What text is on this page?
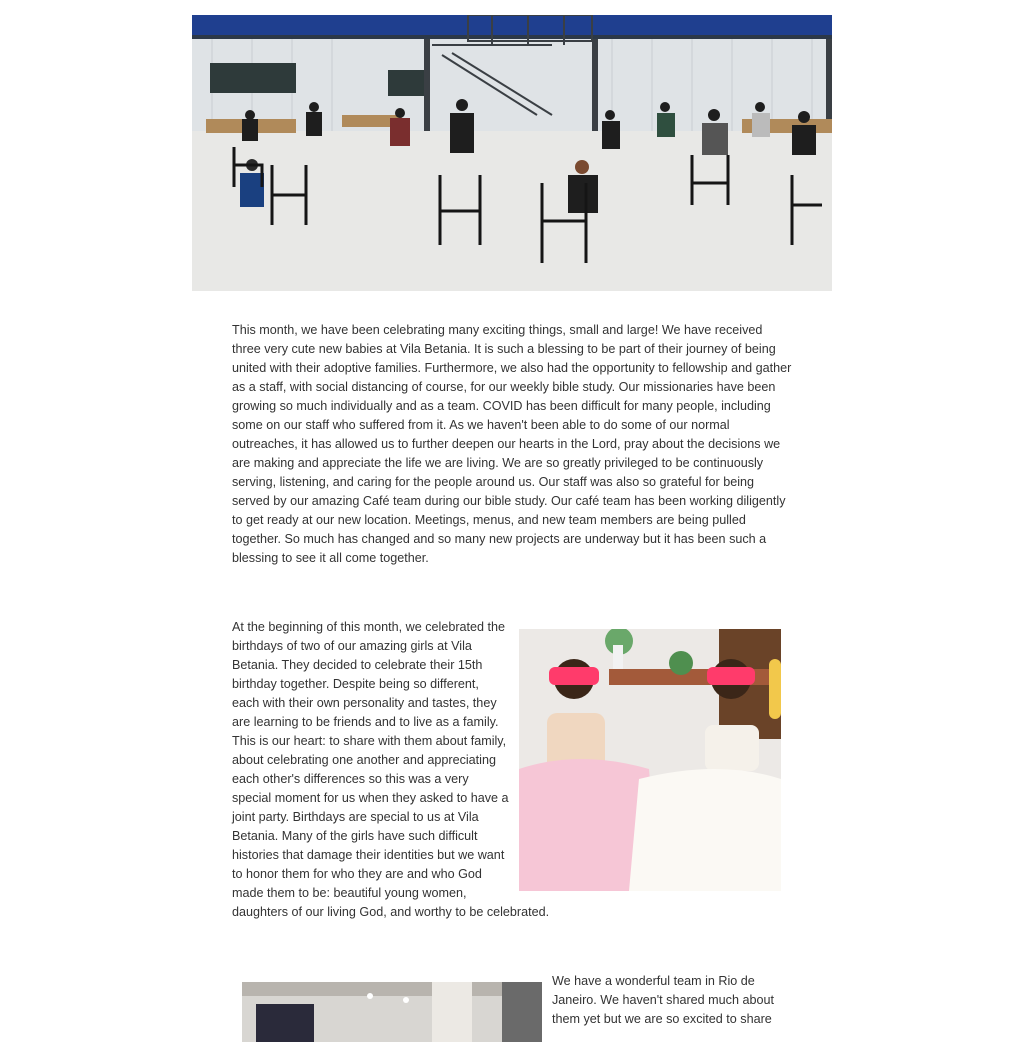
This month, we have been celebrating many exciting things, small and large! We have received three very cute new babies at Vila Betania. It is such a blessing to be part of their journey of being united with their adoptive families. Furthermore, we also had the opportunity to fellowship and gather as a staff, with social distancing of course, for our weekly bible study. Our missionaries have been growing so much individually and as a team. COVID has been difficult for many people, including some on our staff who suffered from it. As we haven't been able to do some of our normal outreaches, it has allowed us to further deepen our hearts in the Lord, pray about the decisions we are making and appreciate the life we are living. We are so greatly privileged to be continuously serving, listening, and caring for the people around us. Our staff was also so grateful for being served by our amazing Café team during our bible study. Our café team has been working diligently to get ready at our new location. Meetings, menus, and new team members are being pulled together. So much has changed and so many new projects are underway but it has been such a blessing to see it all come together.

At the beginning of this month, we celebrated the birthdays of two of our amazing girls at Vila Betania. They decided to celebrate their 15th birthday together. Despite being so different, each with their own personality and tastes, they are learning to be friends and to live as a family. This is our heart: to share with them about family, about celebrating one another and appreciating each other's differences so this was a very special moment for us when they asked to have a joint party. Birthdays are special to us at Vila Betania. Many of the girls have such difficult histories that damage their identities but we want to honor them for who they are and who God made them to be: beautiful young women, daughters of our living God, and worthy to be celebrated.

We have a wonderful team in Rio de Janeiro. We haven't shared much about them yet but we are so excited to share
